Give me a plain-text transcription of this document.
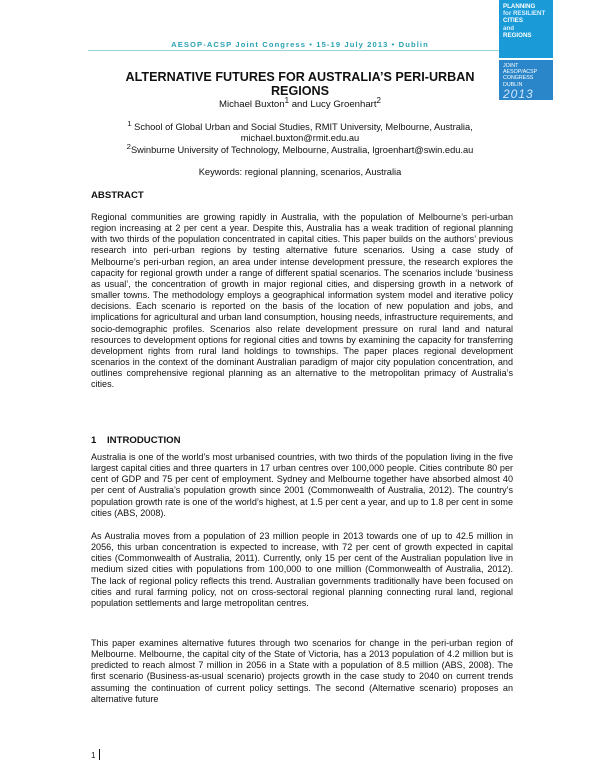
AESOP-ACSP Joint Congress • 15-19 July 2013 • Dublin
PLANNING
for RESILIENT
CITIES
and
REGIONS
JOINT
AESOP/ACSP
CONGRESS
DUBLIN
2013
ALTERNATIVE FUTURES FOR AUSTRALIA’S PERI-URBAN
REGIONS
Michael Buxton$^1$ and Lucy Groenhart$^2$
$^1$ School of Global Urban and Social Studies, RMIT University, Melbourne, Australia,
michael.buxton@rmit.edu.au
$^2$Swinburne University of Technology, Melbourne, Australia, lgroenhart@swin.edu.au
Keywords: regional planning, scenarios, Australia
ABSTRACT
Regional communities are growing rapidly in Australia, with the population of Melbourne’s peri-urban region increasing at 2 per cent a year. Despite this, Australia has a weak tradition of regional planning with two thirds of the population concentrated in capital cities. This paper builds on the authors’ previous research into peri-urban regions by testing alternative future scenarios. Using a case study of Melbourne’s peri-urban region, an area under intense development pressure, the research explores the capacity for regional growth under a range of different spatial scenarios. The scenarios include ‘business as usual’, the concentration of growth in major regional cities, and dispersing growth in a network of smaller towns. The methodology employs a geographical information system model and iterative policy decisions. Each scenario is reported on the basis of the location of new population and jobs, and implications for agricultural and urban land consumption, housing needs, infrastructure requirements, and socio-demographic profiles. Scenarios also relate development pressure on rural land and natural resources to development options for regional cities and towns by examining the capacity for transferring development rights from rural land holdings to townships. The paper places regional development scenarios in the context of the dominant Australian paradigm of major city population concentration, and outlines comprehensive regional planning as an alternative to the metropolitan primacy of Australia’s cities.
1 INTRODUCTION
Australia is one of the world’s most urbanised countries, with two thirds of the population living in the five largest capital cities and three quarters in 17 urban centres over 100,000 people. Cities contribute 80 per cent of GDP and 75 per cent of employment. Sydney and Melbourne together have absorbed almost 40 per cent of Australia’s population growth since 2001 (Commonwealth of Australia, 2012). The country’s population growth rate is one of the world’s highest, at 1.5 per cent a year, and up to 1.8 per cent in some cities (ABS, 2008).
As Australia moves from a population of 23 million people in 2013 towards one of up to 42.5 million in 2056, this urban concentration is expected to increase, with 72 per cent of growth expected in capital cities (Commonwealth of Australia, 2011). Currently, only 15 per cent of the Australian population live in medium sized cities with populations from 100,000 to one million (Commonwealth of Australia, 2012). The lack of regional policy reflects this trend. Australian governments traditionally have been focused on cities and rural farming policy, not on cross-sectoral regional planning connecting rural land, regional population settlements and large metropolitan centres.
This paper examines alternative futures through two scenarios for change in the peri-urban region of Melbourne. Melbourne, the capital city of the State of Victoria, has a 2013 population of 4.2 million but is predicted to reach almost 7 million in 2056 in a State with a population of 8.5 million (ABS, 2008). The first scenario (Business-as-usual scenario) projects growth in the case study to 2040 on current trends assuming the continuation of current policy settings. The second (Alternative scenario) proposes an alternative future
1
